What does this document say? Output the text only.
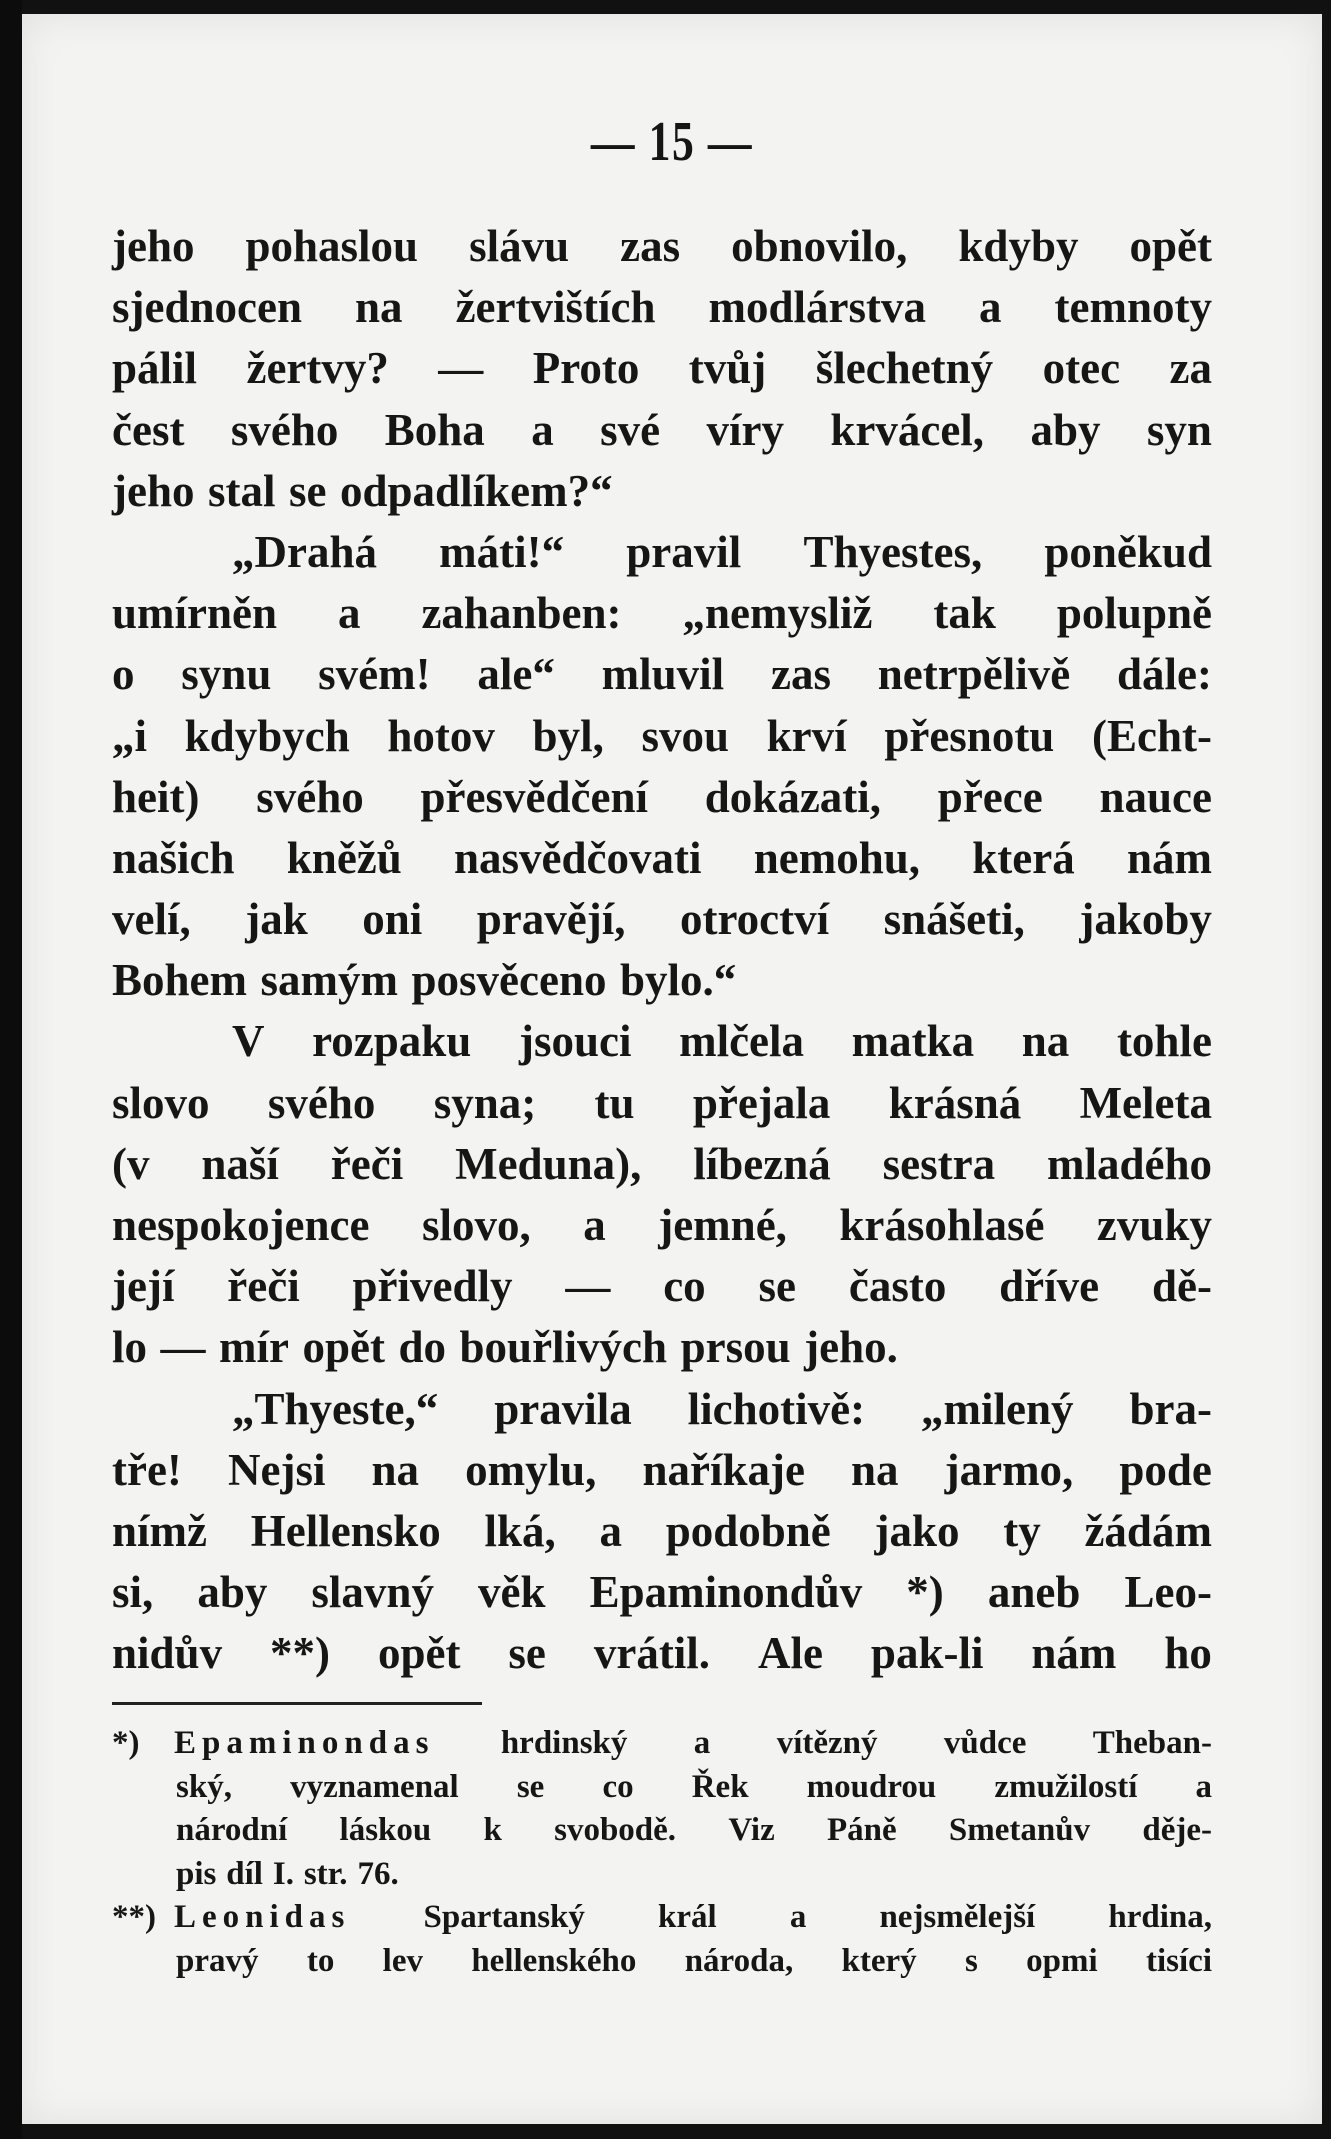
— 15 —
jeho pohaslou slávu zas obnovilo, kdyby opět
sjednocen na žertvištích modlárstva a temnoty
pálil žertvy? — Proto tvůj šlechetný otec za
čest svého Boha a své víry krvácel, aby syn
jeho stal se odpadlíkem?“
„Drahá máti!“ pravil Thyestes, poněkud
umírněn a zahanben: „nemysliž tak polupně
o synu svém! ale“ mluvil zas netrpělivě dále:
„i kdybych hotov byl, svou krví přesnotu (Echt-
heit) svého přesvědčení dokázati, přece nauce
našich kněžů nasvědčovati nemohu, která nám
velí, jak oni pravějí, otroctví snášeti, jakoby
Bohem samým posvěceno bylo.“
V rozpaku jsouci mlčela matka na tohle
slovo svého syna; tu přejala krásná Meleta
(v naší řeči Meduna), líbezná sestra mladého
nespokojence slovo, a jemné, krásohlasé zvuky
její řeči přivedly — co se často dříve dě-
lo — mír opět do bouřlivých prsou jeho.
„Thyeste,“ pravila lichotivě: „milený bra-
tře! Nejsi na omylu, naříkaje na jarmo, pode
nímž Hellensko lká, a podobně jako ty žádám
si, aby slavný věk Epaminondův *) aneb Leo-
nidův **) opět se vrátil. Ale pak-li nám ho
*)	Epaminondas hrdinský a vítězný vůdce Theban-
ský, vyznamenal se co Řek moudrou zmužilostí a
národní láskou k svobodě. Viz Páně Smetanův děje-
pis díl I. str. 76.
**) Leonidas Spartanský král a nejsmělejší hrdina,
pravý to lev hellenského národa, který s opmi tisíci
